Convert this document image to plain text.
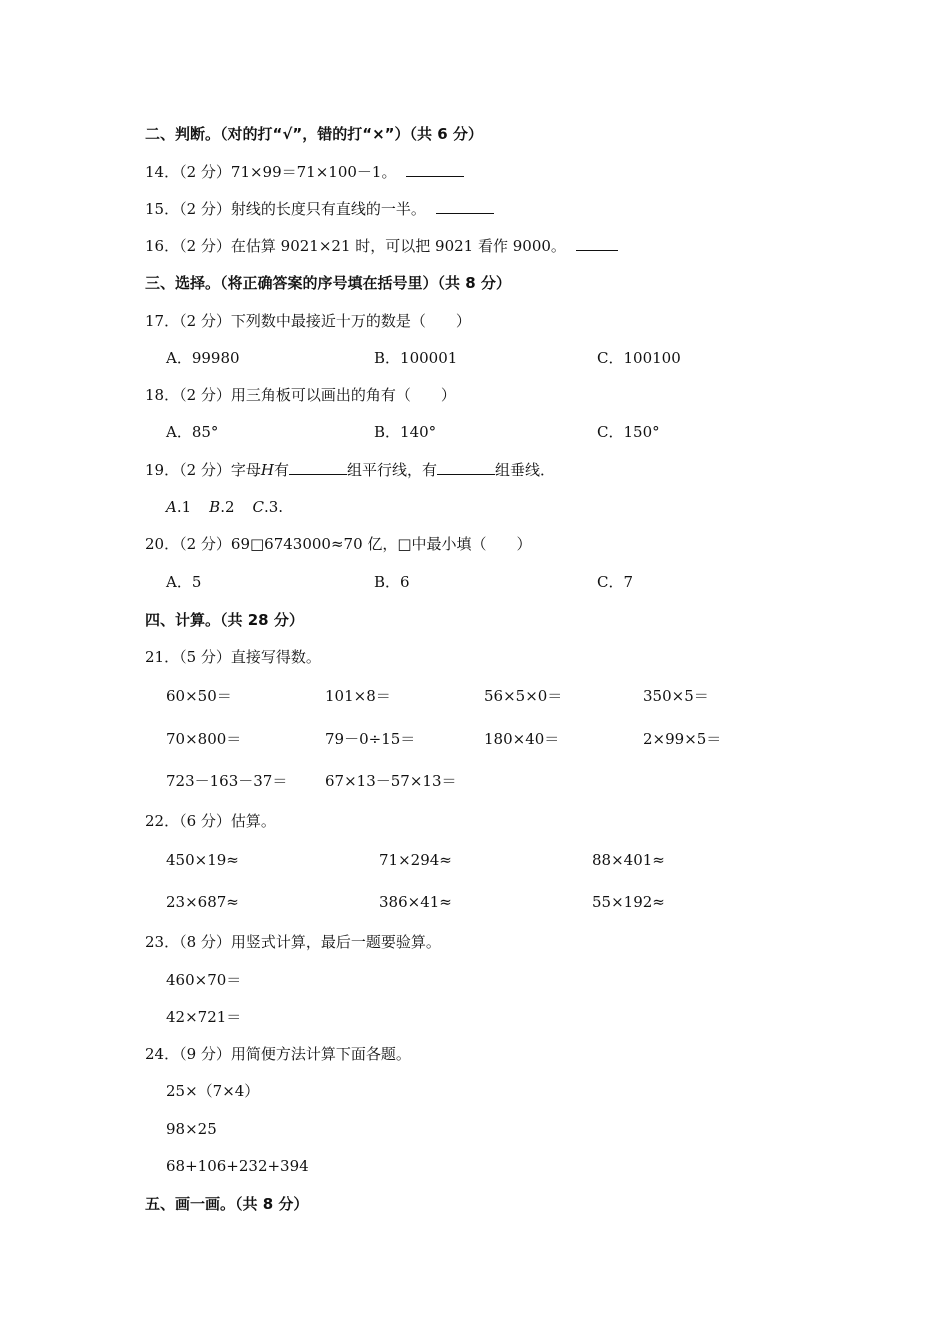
二、判断。（对的打“√”，错的打“×”）（共 6 分）
14．（2 分）71×99＝71×100－1。
15．（2 分）射线的长度只有直线的一半。
16．（2 分）在估算 9021×21 时，可以把 9021 看作 9000。
三、选择。（将正确答案的序号填在括号里）（共 8 分）
17．（2 分）下列数中最接近十万的数是（　　）
A．99980	B．100001	C．100100
18．（2 分）用三角板可以画出的角有（　　）
A．85°	B．140°	C．150°
19．（2 分）字母H有	组平行线，有	组垂线．
A.1 B.2 C.3.
20．（2 分）69□6743000≈70 亿，□中最小填（　　）
A．5	B．6	C．7
四、计算。（共 28 分）
21．（5 分）直接写得数。
60×50＝	101×8＝	56×5×0＝	350×5＝
70×800＝	79－0÷15＝	180×40＝	2×99×5＝
723－163－37＝	67×13－57×13＝
22．（6 分）估算。
450×19≈	71×294≈	88×401≈
23×687≈	386×41≈	55×192≈
23．（8 分）用竖式计算，最后一题要验算。
460×70＝
42×721＝
24．（9 分）用简便方法计算下面各题。
25×（7×4）
98×25
68+106+232+394
五、画一画。（共 8 分）
